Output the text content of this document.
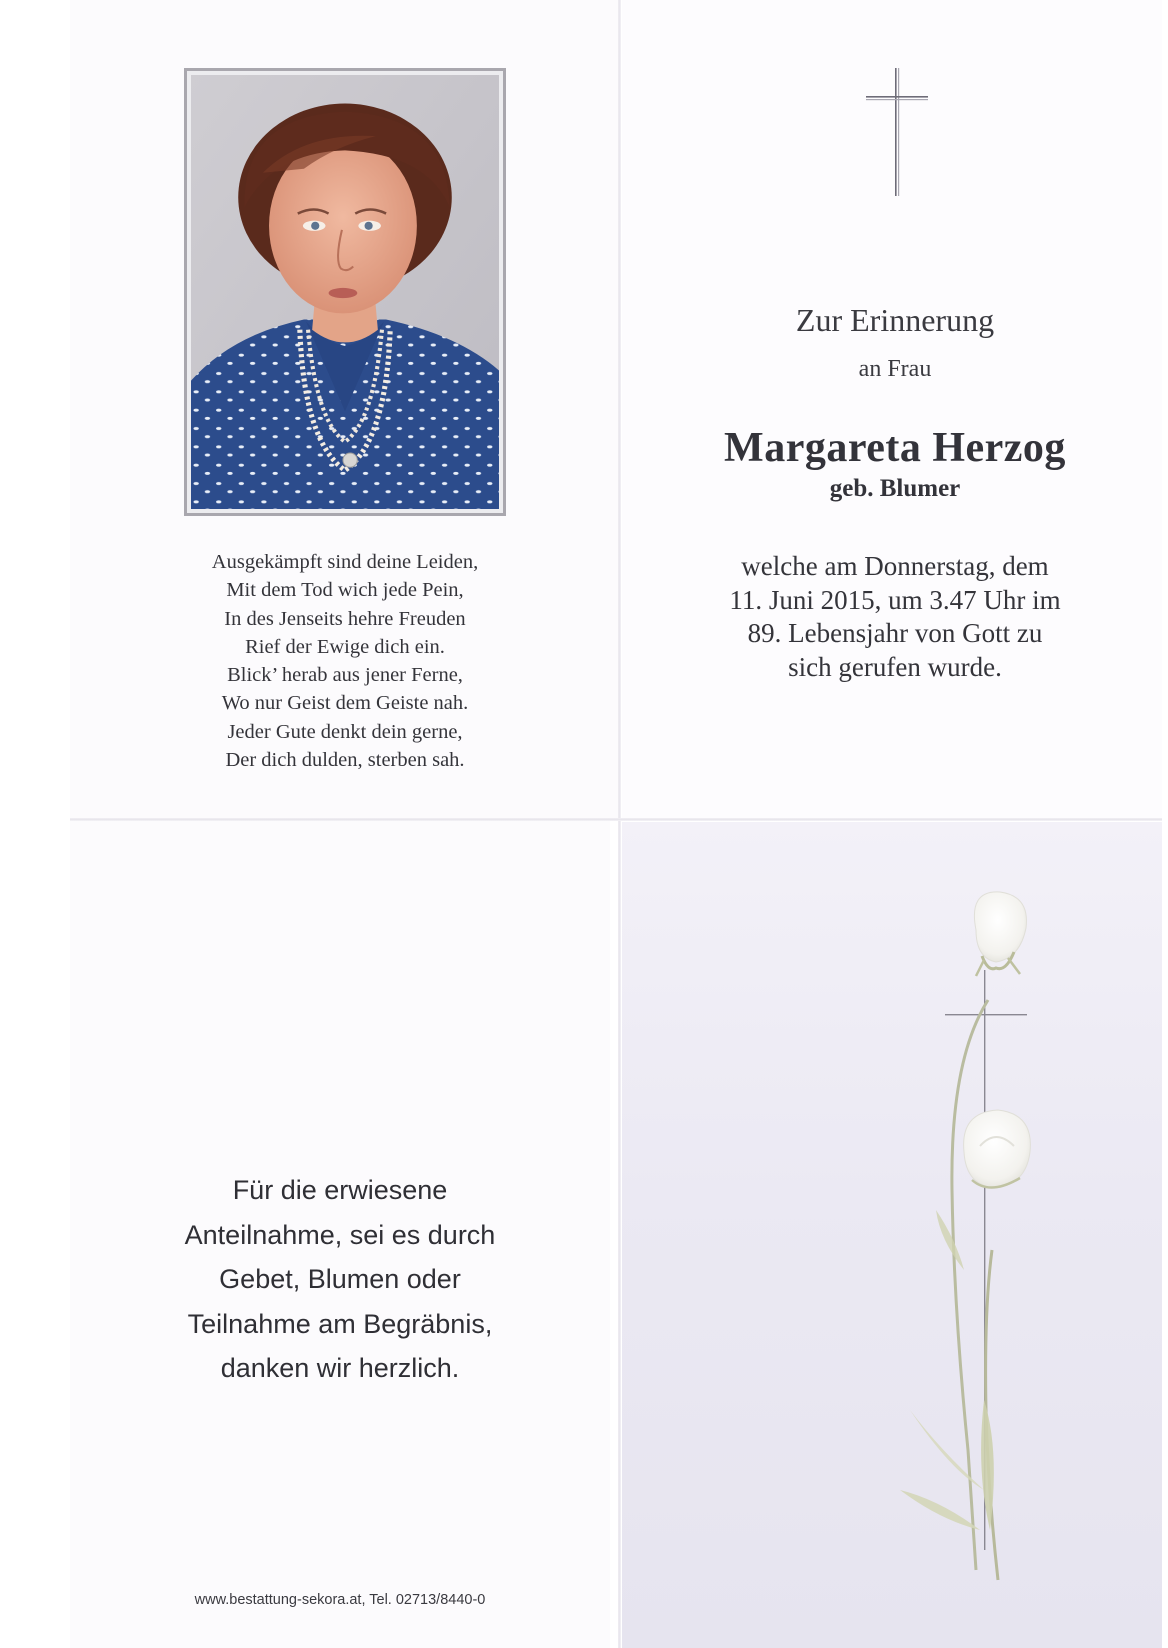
Ausgekämpft sind deine Leiden,
Mit dem Tod wich jede Pein,
In des Jenseits hehre Freuden
Rief der Ewige dich ein.
Blick’ herab aus jener Ferne,
Wo nur Geist dem Geiste nah.
Jeder Gute denkt dein gerne,
Der dich dulden, sterben sah.
Zur Erinnerung
an Frau
Margareta Herzog
geb. Blumer
welche am Donnerstag, dem
11. Juni 2015, um 3.47 Uhr im
89. Lebensjahr von Gott zu
sich gerufen wurde.
Für die erwiesene
Anteilnahme, sei es durch
Gebet, Blumen oder
Teilnahme am Begräbnis,
danken wir herzlich.
www.bestattung-sekora.at, Tel. 02713/8440-0
